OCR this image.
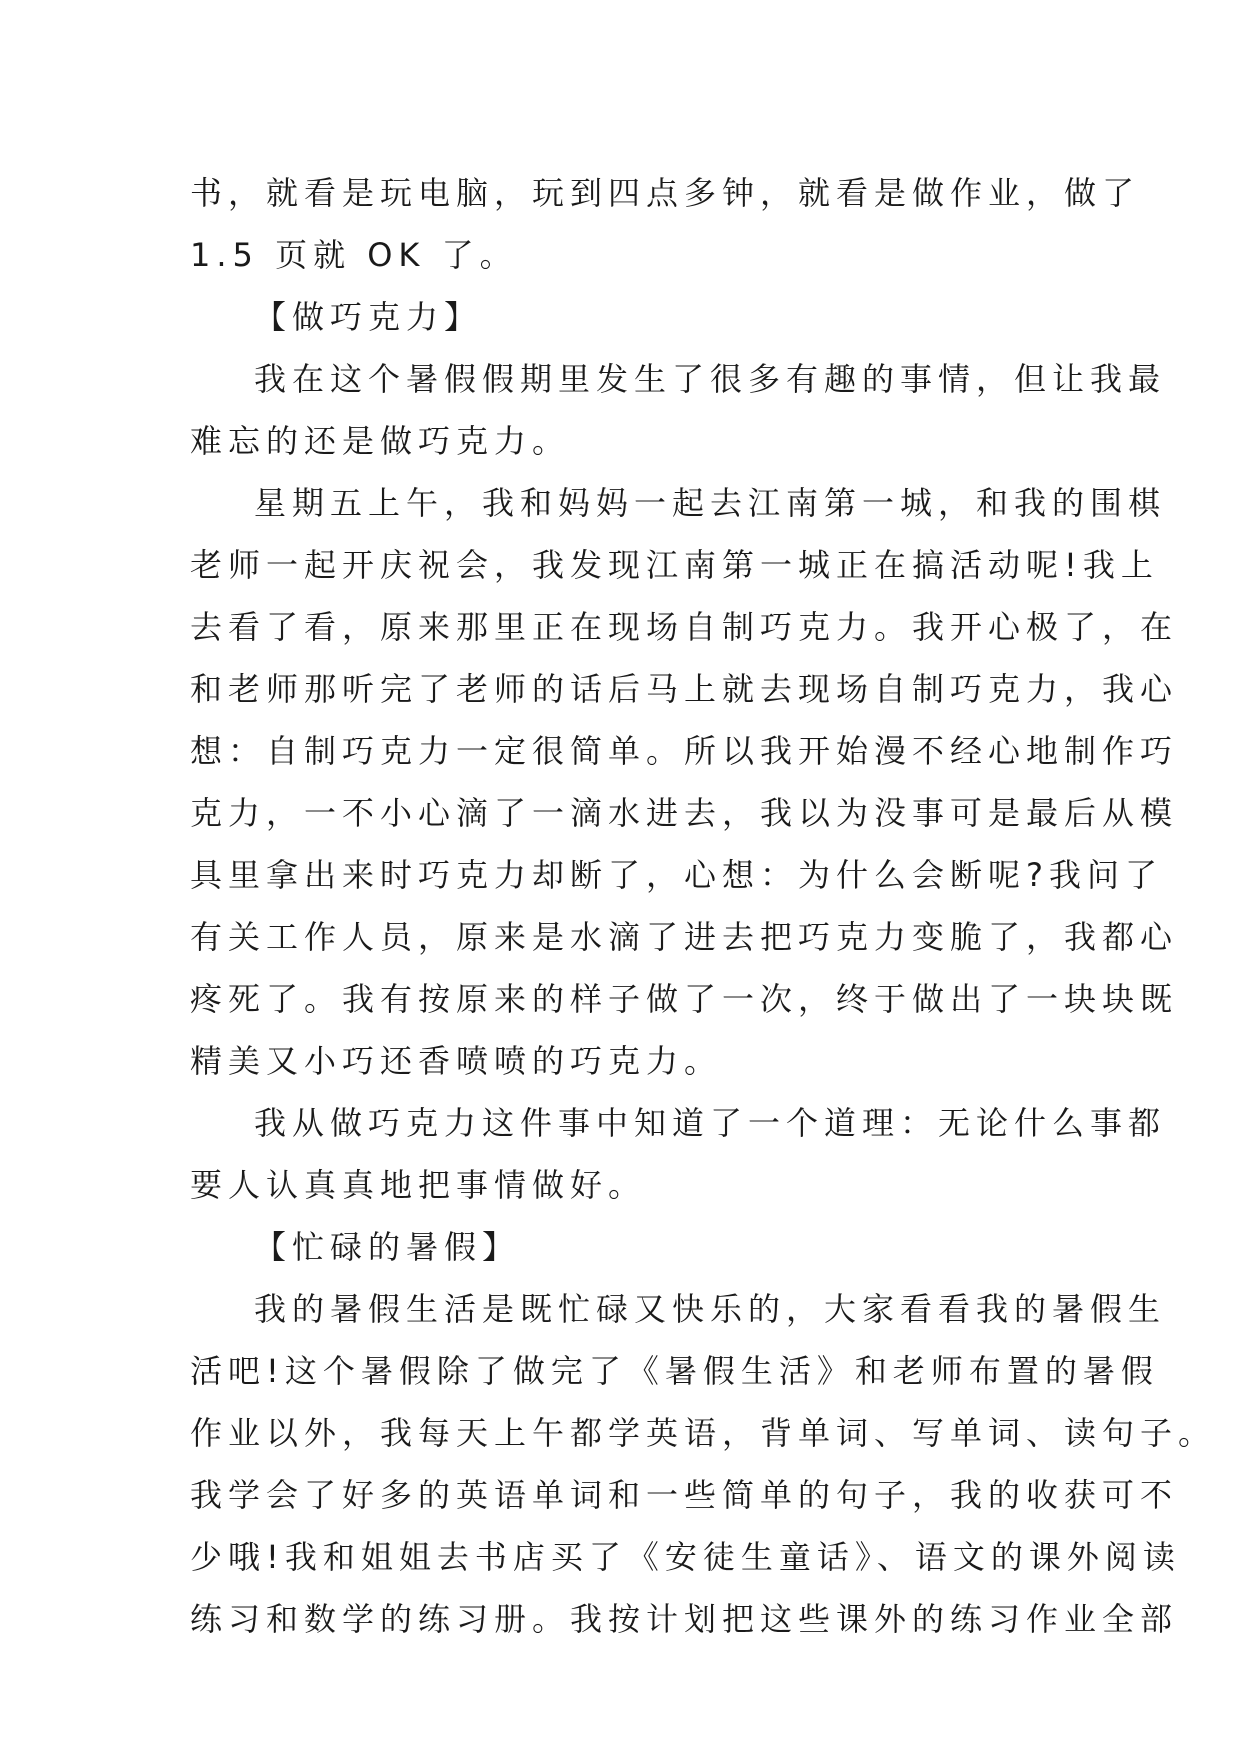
书，就看是玩电脑，玩到四点多钟，就看是做作业，做了
1.5 页就 OK 了。
【做巧克力】
我在这个暑假假期里发生了很多有趣的事情，但让我最
难忘的还是做巧克力。
星期五上午，我和妈妈一起去江南第一城，和我的围棋
老师一起开庆祝会，我发现江南第一城正在搞活动呢!我上
去看了看，原来那里正在现场自制巧克力。我开心极了，在
和老师那听完了老师的话后马上就去现场自制巧克力，我心
想：自制巧克力一定很简单。所以我开始漫不经心地制作巧
克力，一不小心滴了一滴水进去，我以为没事可是最后从模
具里拿出来时巧克力却断了，心想：为什么会断呢?我问了
有关工作人员，原来是水滴了进去把巧克力变脆了，我都心
疼死了。我有按原来的样子做了一次，终于做出了一块块既
精美又小巧还香喷喷的巧克力。
我从做巧克力这件事中知道了一个道理：无论什么事都
要人认真真地把事情做好。
【忙碌的暑假】
我的暑假生活是既忙碌又快乐的，大家看看我的暑假生
活吧!这个暑假除了做完了《暑假生活》和老师布置的暑假
作业以外，我每天上午都学英语，背单词、写单词、读句子。
我学会了好多的英语单词和一些简单的句子，我的收获可不
少哦!我和姐姐去书店买了《安徒生童话》、语文的课外阅读
练习和数学的练习册。我按计划把这些课外的练习作业全部
